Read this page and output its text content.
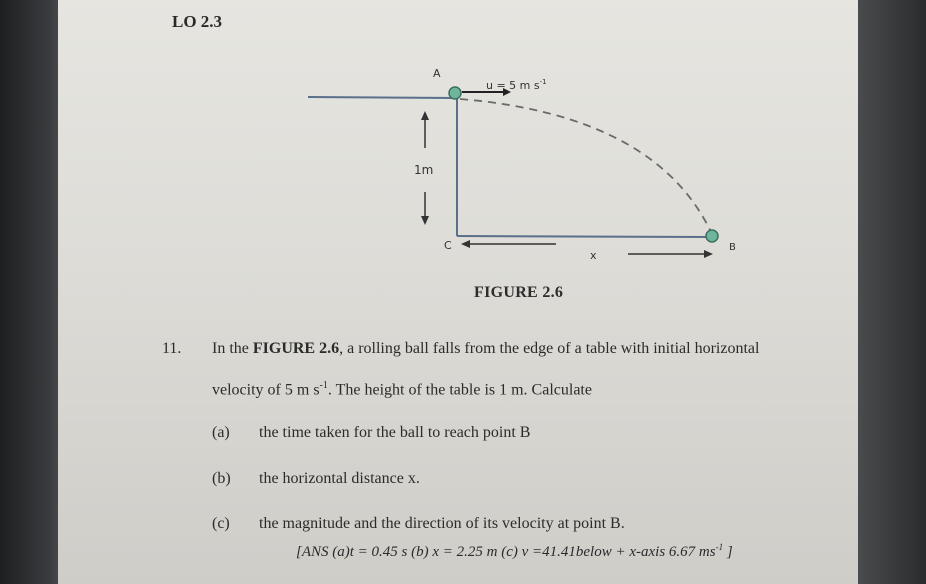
LO 2.3
A
u = 5 m $s^{-1}$
1m
C
x
B
FIGURE 2.6
11. In the FIGURE 2.6, a rolling ball falls from the edge of a table with initial horizontal
velocity of 5 m $s^{-1}$. The height of the table is 1 m. Calculate
(a) the time taken for the ball to reach point B
(b) the horizontal distance x.
(c) the magnitude and the direction of its velocity at point B.
[ANS (a)t = 0.45 s (b) x = 2.25 m (c) v =41.41below + x-axis 6.67 $ms^{-1}$ ]
